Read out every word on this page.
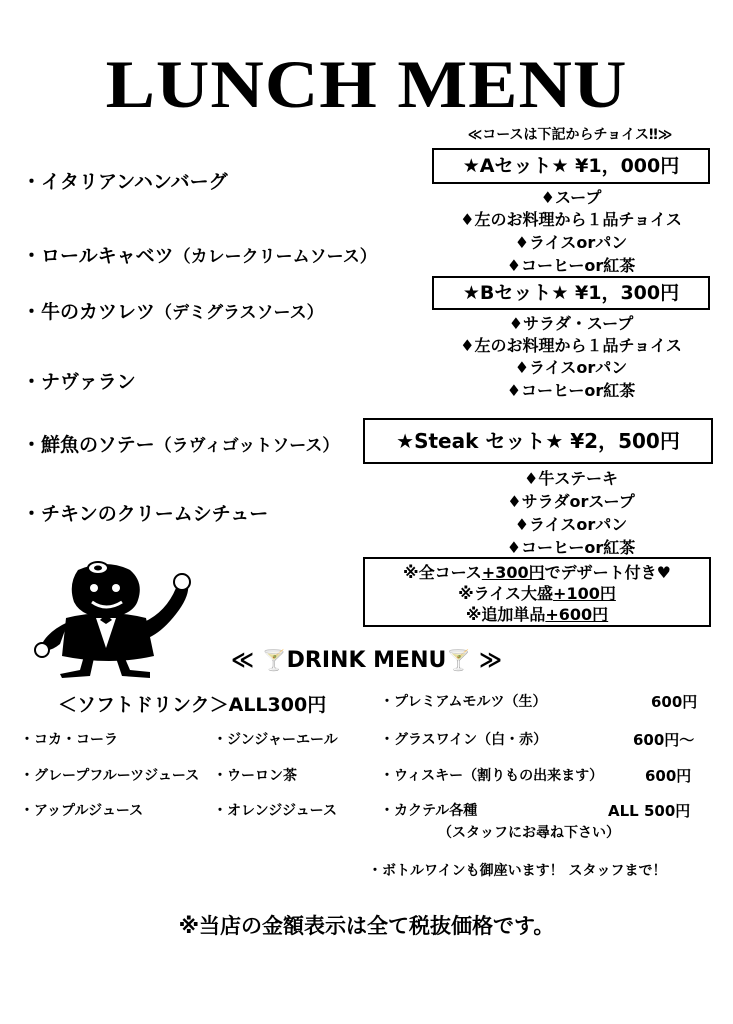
LUNCH MENU
・イタリアンハンバーグ
・ロールキャベツ（カレークリームソース）
・牛のカツレツ（デミグラスソース）
・ナヴァラン
・鮮魚のソテー（ラヴィゴットソース）
・チキンのクリームシチュー
≪コースは下記からチョイス‼≫
★Aセット★ ¥1，000円
♦スープ
♦左のお料理から１品チョイス
♦ライスorパン
♦コーヒーor紅茶
★Bセット★ ¥1，300円
♦サラダ・スープ
♦左のお料理から１品チョイス
♦ライスorパン
♦コーヒーor紅茶
★Steak セット★ ¥2，500円
♦牛ステーキ
♦サラダorスープ
♦ライスorパン
♦コーヒーor紅茶
※全コース+300円でデザート付き♥
※ライス大盛+100円
※追加単品+600円
≪ 🍸DRINK MENU🍸 ≫
＜ソフトドリンク＞ALL300円
・コカ・コーラ	・ジンジャーエール
・グレープフルーツジュース ・ウーロン茶
・アップルジュース	・オレンジジュース
・プレミアムモルツ（生）	600円
・グラスワイン（白・赤）	600円～
・ウィスキー（割りもの出来ます）	600円
・カクテル各種	ALL 500円
（スタッフにお尋ね下さい）
・ボトルワインも御座います！ スタッフまで！
※当店の金額表示は全て税抜価格です。
